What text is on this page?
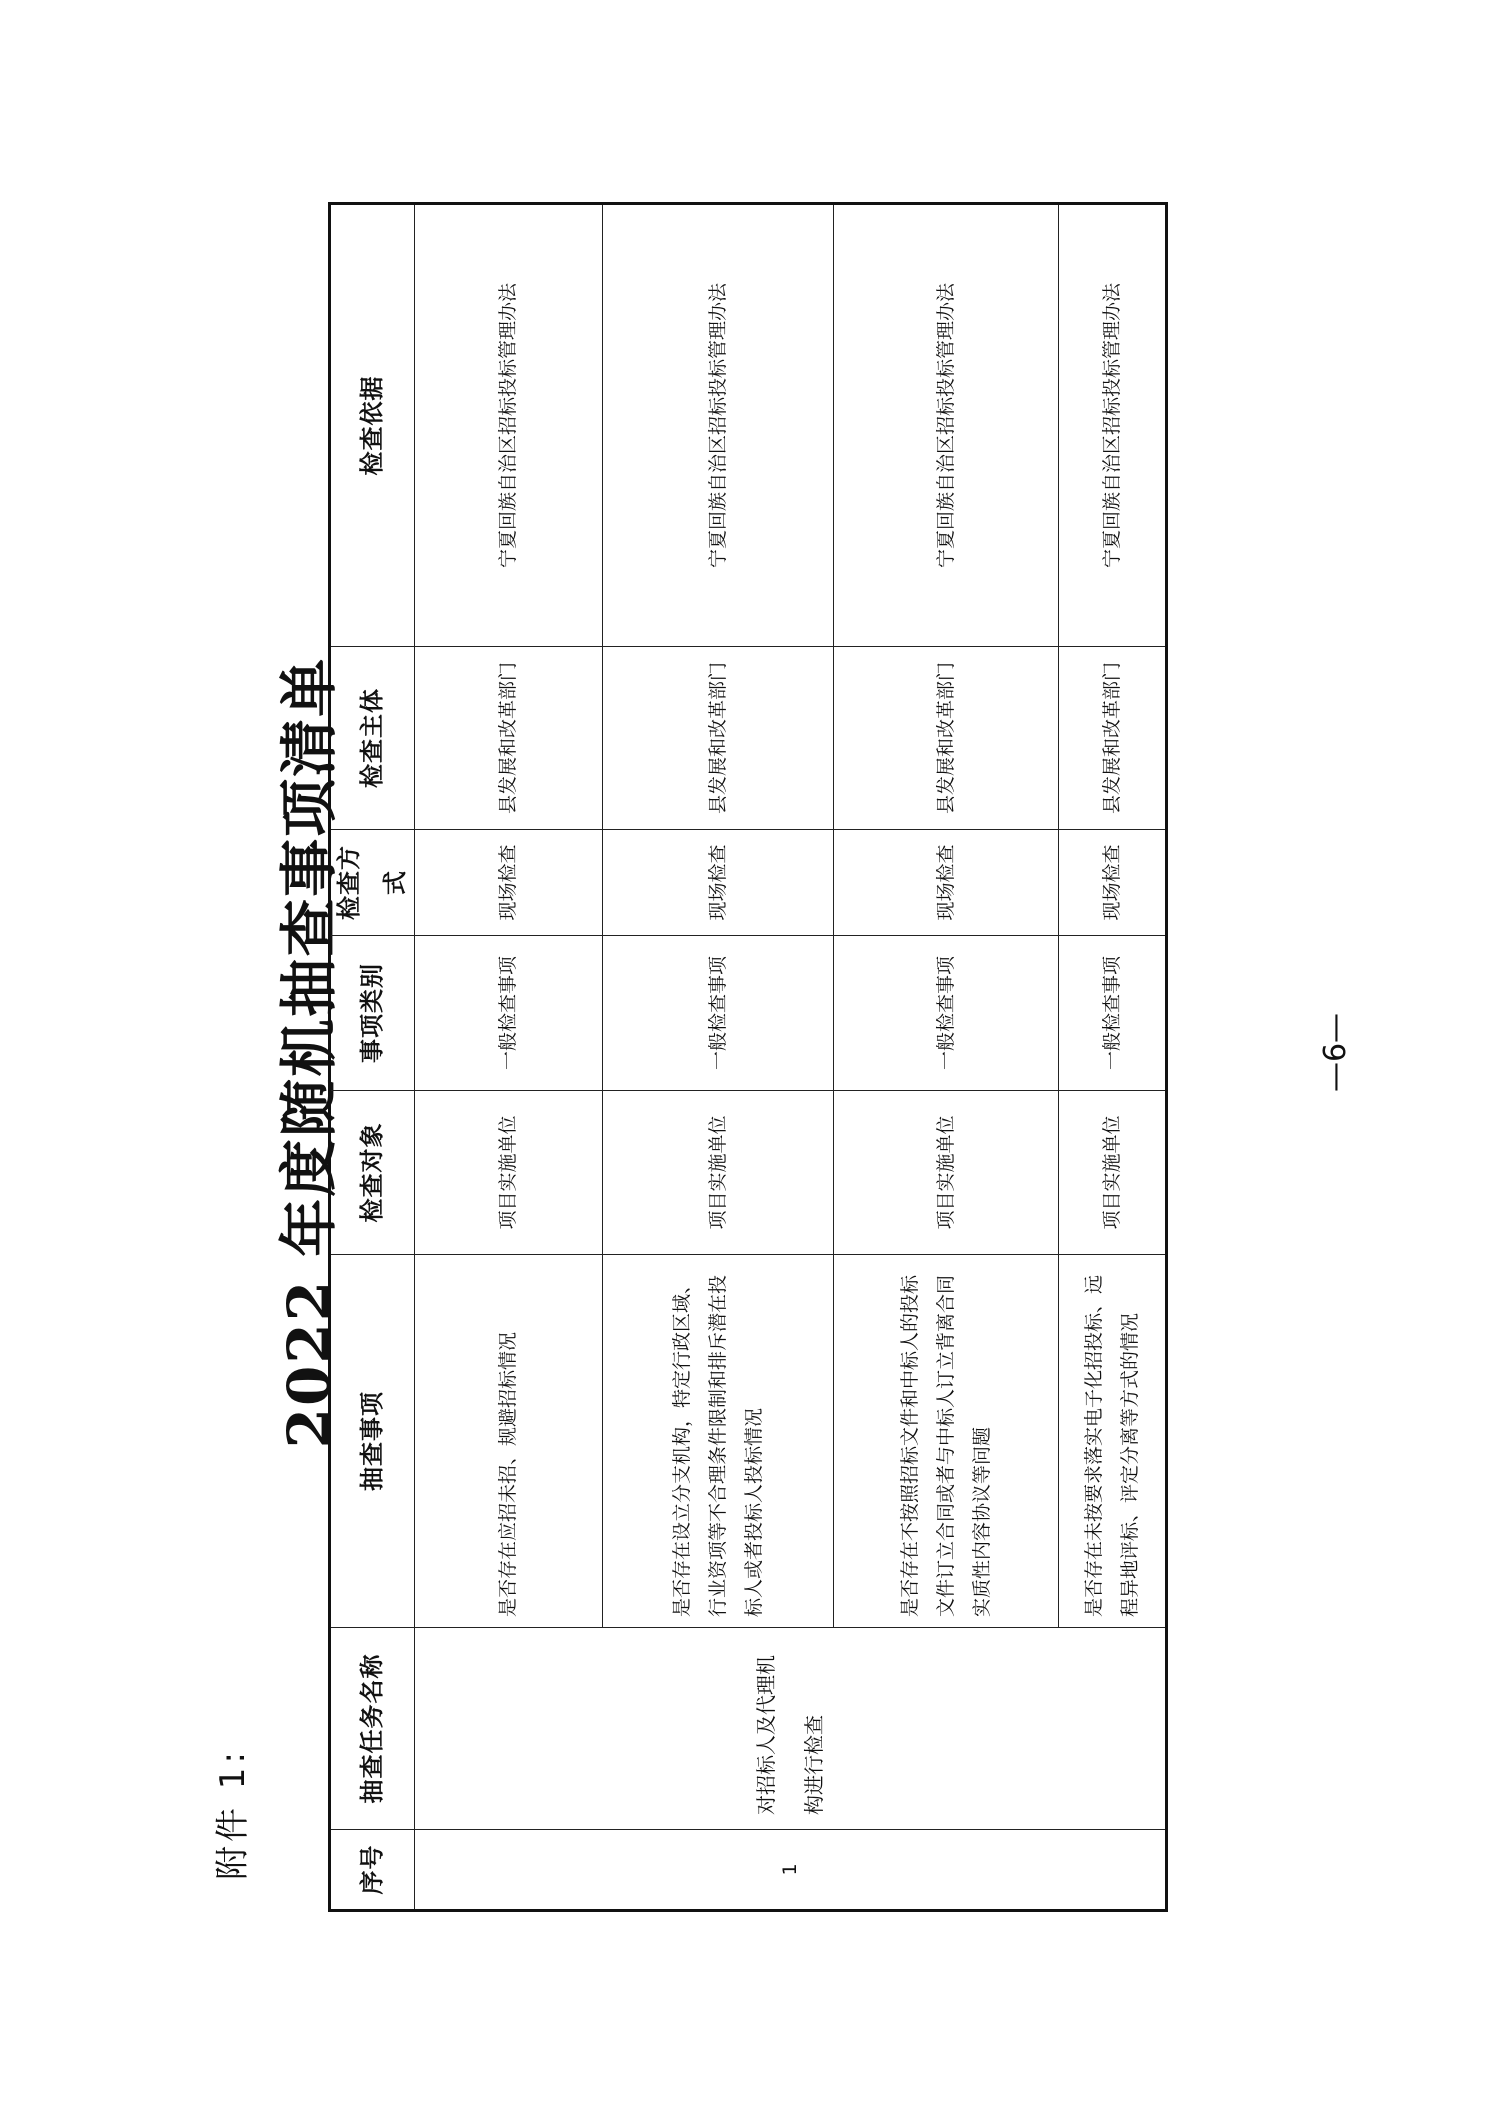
附件 1:
2022 年度随机抽查事项清单
序号
抽查任务名称
抽查事项
检查对象
事项类别
检查方式
检查主体
检查依据
1
对招标人及代理机构进行检查
是否存在应招未招、规避招标情况
项目实施单位
一般检查事项
现场检查
县发展和改革部门
宁夏回族自治区招标投标管理办法
是否存在设立分支机构，特定行政区域、行业资项等不合理条件限制和排斥潜在投标人或者投标人投标情况
项目实施单位
一般检查事项
现场检查
县发展和改革部门
宁夏回族自治区招标投标管理办法
是否存在不按照招标文件和中标人的投标文件订立合同或者与中标人订立背离合同实质性内容协议等问题
项目实施单位
一般检查事项
现场检查
县发展和改革部门
宁夏回族自治区招标投标管理办法
是否存在未按要求落实电子化招投标、远程异地评标、评定分离等方式的情况
项目实施单位
一般检查事项
现场检查
县发展和改革部门
宁夏回族自治区招标投标管理办法
—6—
